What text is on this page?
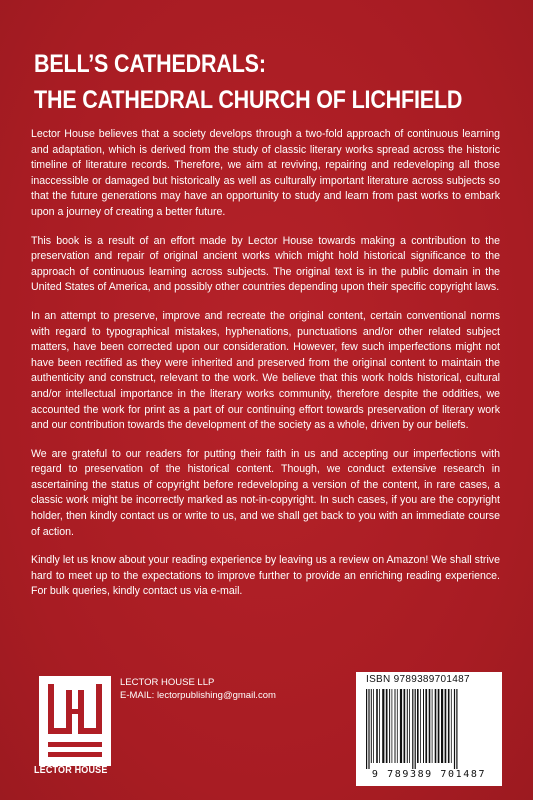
BELL’S CATHEDRALS:
THE CATHEDRAL CHURCH OF LICHFIELD

Lector House believes that a society develops through a two-fold approach of continuous learning and adaptation, which is derived from the study of classic literary works spread across the historic timeline of literature records. Therefore, we aim at reviving, repairing and redeveloping all those inaccessible or damaged but historically as well as culturally important literature across subjects so that the future generations may have an opportunity to study and learn from past works to embark upon a journey of creating a better future.

This book is a result of an effort made by Lector House towards making a contribution to the preservation and repair of original ancient works which might hold historical significance to the approach of continuous learning across subjects. The original text is in the public domain in the United States of America, and possibly other countries depending upon their specific copyright laws.

In an attempt to preserve, improve and recreate the original content, certain conventional norms with regard to typographical mistakes, hyphenations, punctuations and/or other related subject matters, have been corrected upon our consideration. However, few such imperfections might not have been rectified as they were inherited and preserved from the original content to maintain the authenticity and construct, relevant to the work. We believe that this work holds historical, cultural and/or intellectual importance in the literary works community, therefore despite the oddities, we accounted the work for print as a part of our continuing effort towards preservation of literary work and our contribution towards the development of the society as a whole, driven by our beliefs.

We are grateful to our readers for putting their faith in us and accepting our imperfections with regard to preservation of the historical content. Though, we conduct extensive research in ascertaining the status of copyright before redeveloping a version of the content, in rare cases, a classic work might be incorrectly marked as not-in-copyright. In such cases, if you are the copyright holder, then kindly contact us or write to us, and we shall get back to you with an immediate course of action.

Kindly let us know about your reading experience by leaving us a review on Amazon! We shall strive hard to meet up to the expectations to improve further to provide an enriching reading experience. For bulk queries, kindly contact us via e-mail.

LECTOR HOUSE
LECTOR HOUSE LLP
E-MAIL: lectorpublishing@gmail.com
ISBN 9789389701487
9 789389 701487
